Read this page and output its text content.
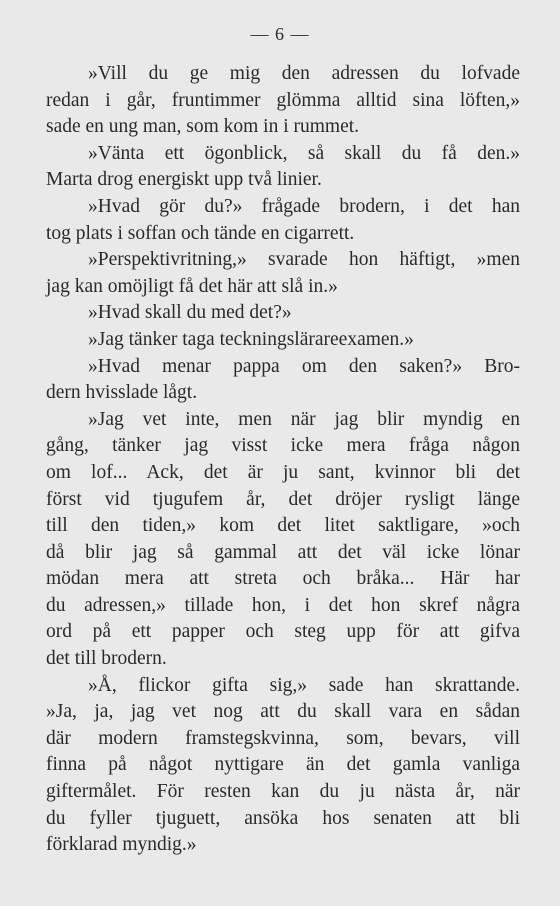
— 6 —
»Vill du ge mig den adressen du lofvade
redan i går, fruntimmer glömma alltid sina löften,»
sade en ung man, som kom in i rummet.
»Vänta ett ögonblick, så skall du få den.»
Marta drog energiskt upp två linier.
»Hvad gör du?» frågade brodern, i det han
tog plats i soffan och tände en cigarrett.
»Perspektivritning,» svarade hon häftigt, »men
jag kan omöjligt få det här att slå in.»
»Hvad skall du med det?»
»Jag tänker taga teckningslärareexamen.»
»Hvad menar pappa om den saken?» Bro-
dern hvisslade lågt.
»Jag vet inte, men när jag blir myndig en
gång, tänker jag visst icke mera fråga någon
om lof... Ack, det är ju sant, kvinnor bli det
först vid tjugufem år, det dröjer rysligt länge
till den tiden,» kom det litet saktligare, »och
då blir jag så gammal att det väl icke lönar
mödan mera att streta och bråka... Här har
du adressen,» tillade hon, i det hon skref några
ord på ett papper och steg upp för att gifva
det till brodern.
»Å, flickor gifta sig,» sade han skrattande.
»Ja, ja, jag vet nog att du skall vara en sådan
där modern framstegskvinna, som, bevars, vill
finna på något nyttigare än det gamla vanliga
giftermålet. För resten kan du ju nästa år, när
du fyller tjuguett, ansöka hos senaten att bli
förklarad myndig.»
